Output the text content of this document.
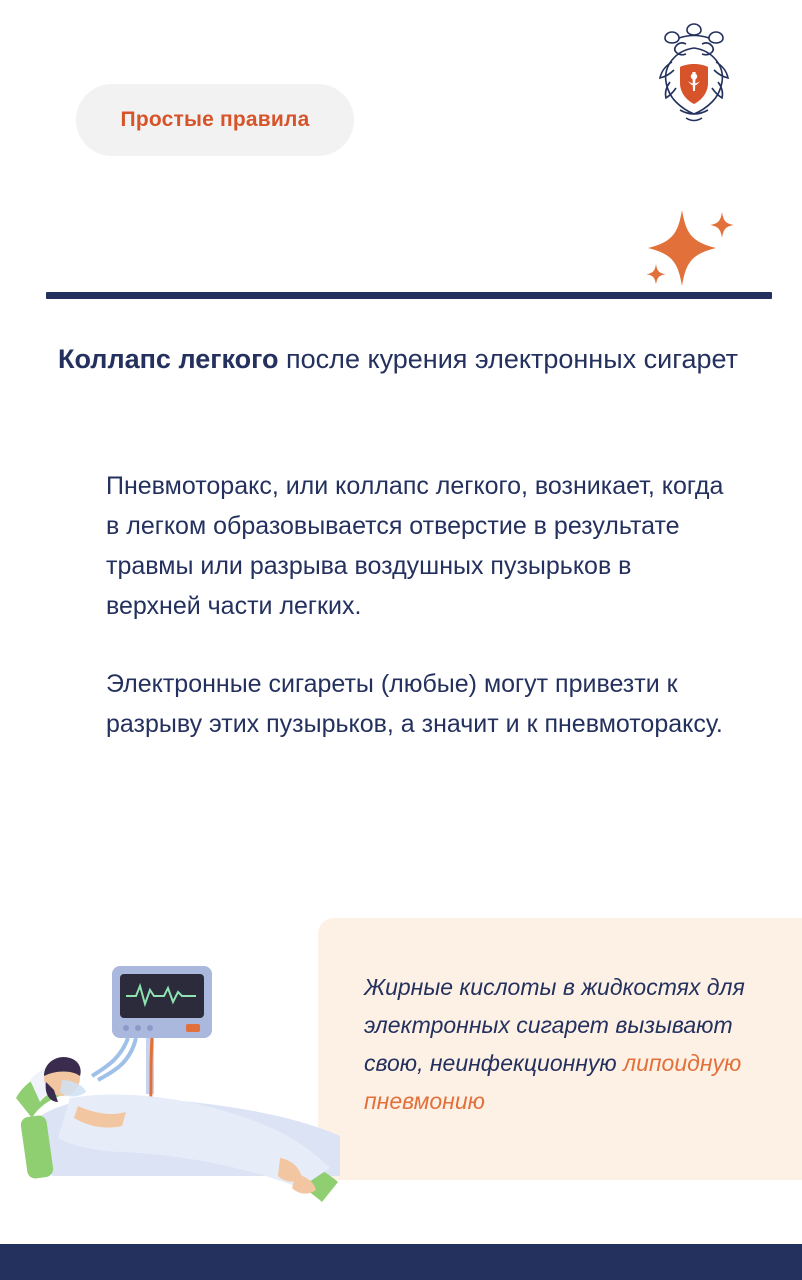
Простые правила
Коллапс легкого после курения электронных сигарет

Пневмоторакс, или коллапс легкого, возникает, когда в легком образовывается отверстие в результате травмы или разрыва воздушных пузырьков в верхней части легких.

Электронные сигареты (любые) могут привезти к разрыву этих пузырьков, а значит и к пневмотораксу.

Жирные кислоты в жидкостях для электронных сигарет вызывают свою, неинфекционную липоидную пневмонию
